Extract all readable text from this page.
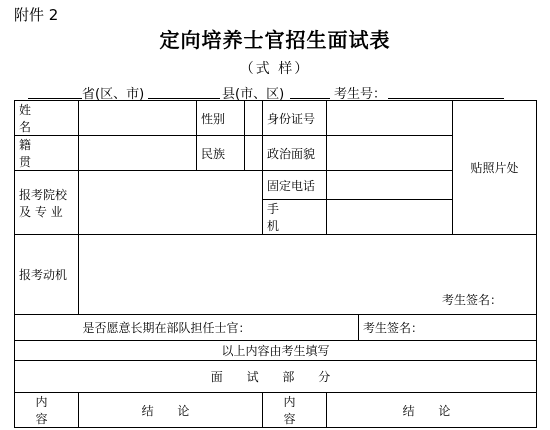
附件 2
定向培养士官招生面试表
（式 样）
省(区、市)	县(市、区)	考生号：
姓 名		性别		身份证号			贴照片处
籍 贯		民族		政治面貌			

报考院校
及 专 业				固定电话			
				手 机			
报考动机	考生签名：						

	是否愿意长期在部队担任士官：					考生签名：	
以上内容由考生填写							
面 试 部 分							
内 容	结 论			内 容	结 论		
